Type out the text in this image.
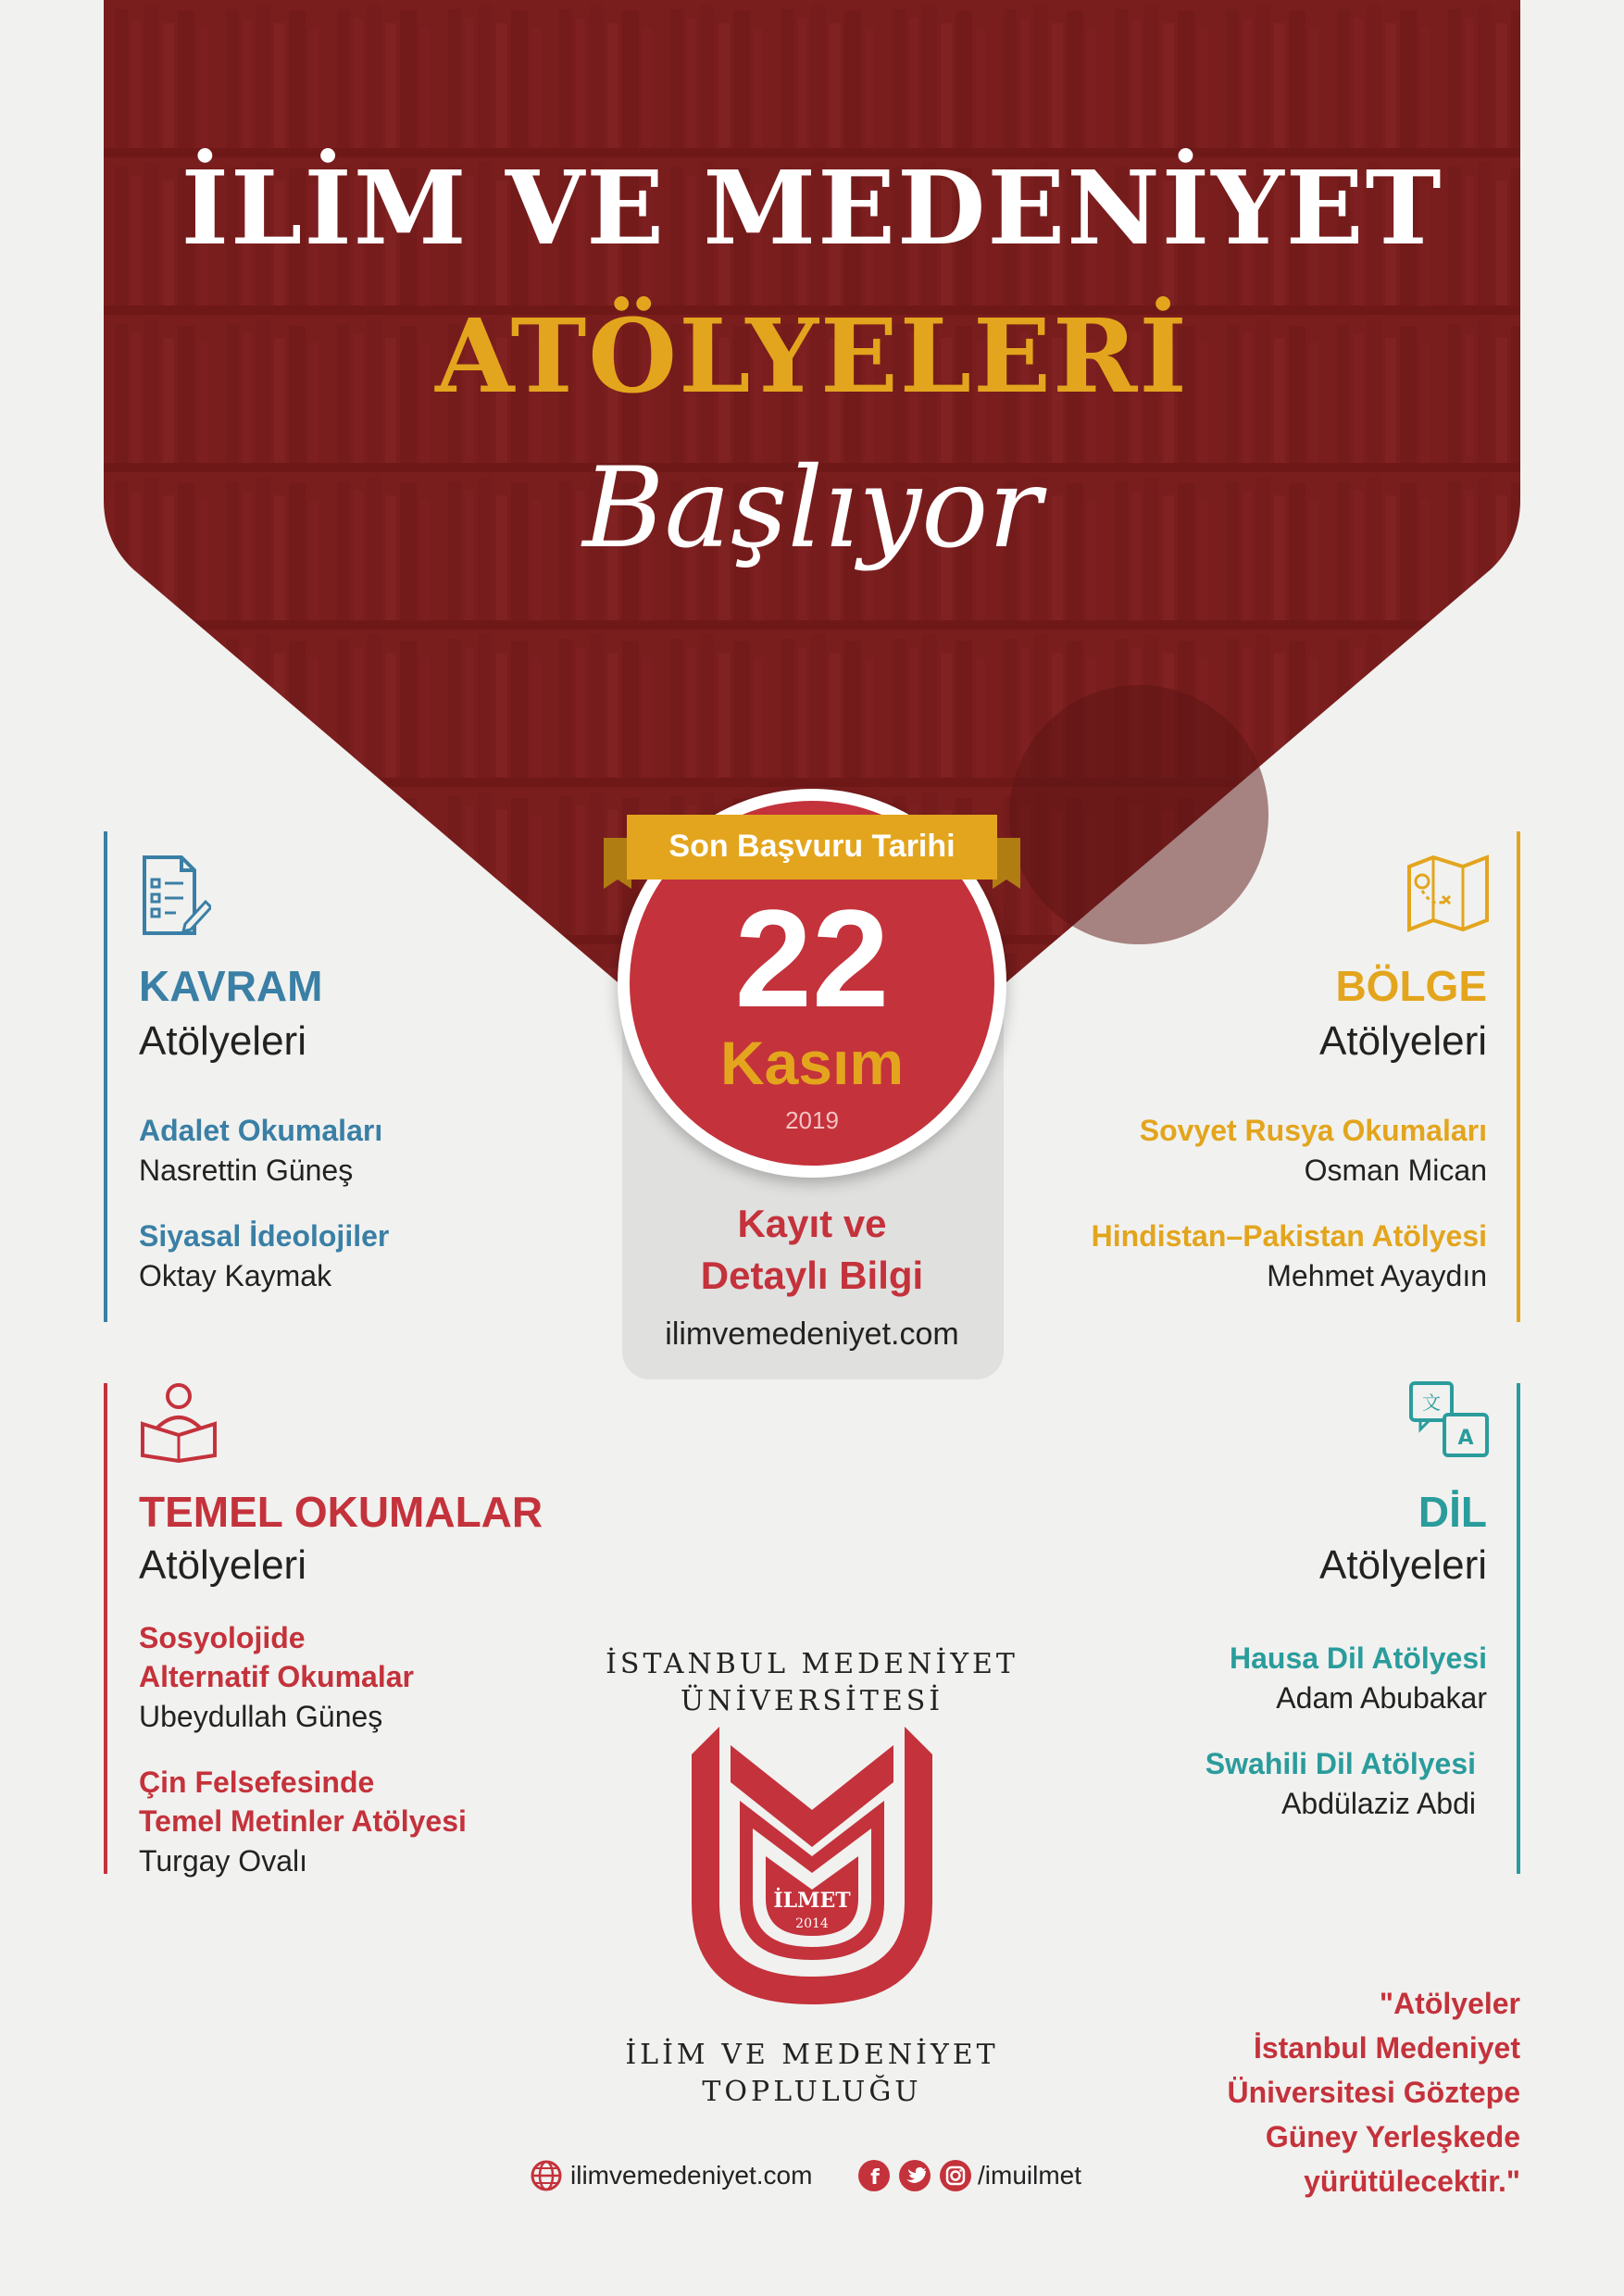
İLİM VE MEDENİYET
ATÖLYELERİ
Başlıyor
Son Başvuru Tarihi
22
Kasım
2019
Kayıt ve
Detaylı Bilgi
ilimvemedeniyet.com
KAVRAM
Atölyeleri
Adalet Okumaları
Nasrettin Güneş
Siyasal İdeolojiler
Oktay Kaymak
BÖLGE
Atölyeleri
Sovyet Rusya Okumaları
Osman Mican
Hindistan–Pakistan Atölyesi
Mehmet Ayaydın
TEMEL OKUMALAR
Atölyeleri
Sosyolojide
Alternatif Okumalar
Ubeydullah Güneş
Çin Felsefesinde
Temel Metinler Atölyesi
Turgay Ovalı
文
A
DİL
Atölyeleri
Hausa Dil Atölyesi
Adam Abubakar
Swahili Dil Atölyesi
Abdülaziz Abdi
İSTANBUL MEDENİYET
ÜNİVERSİTESİ
İLMET
2014
İLİM VE MEDENİYET
TOPLULUĞU
"Atölyeler
İstanbul Medeniyet
Üniversitesi Göztepe
Güney Yerleşkede
yürütülecektir."
ilimvemedeniyet.com	f	/imuilmet
